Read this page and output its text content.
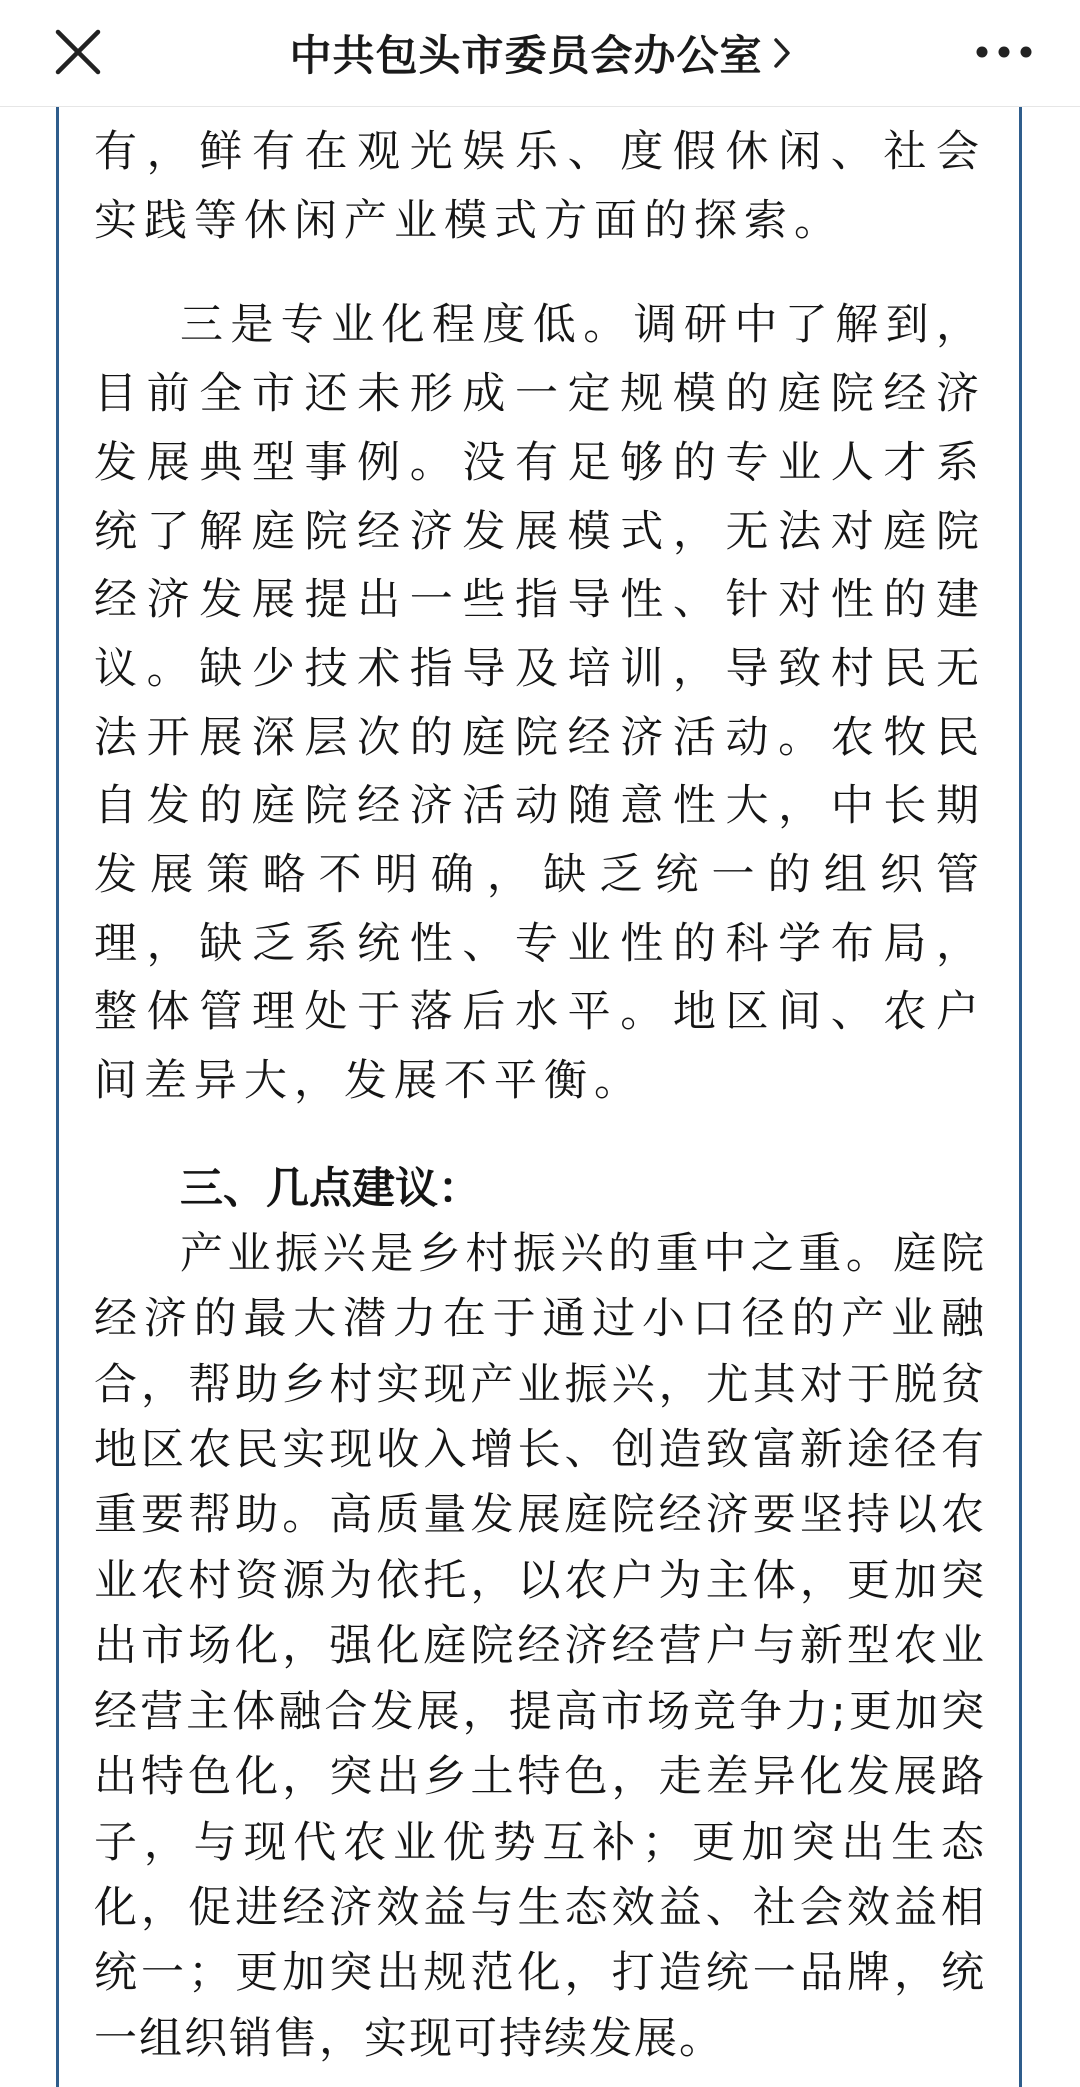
中共包头市委员会办公室

有，鲜有在观光娱乐、度假休闲、社会实践等休闲产业模式方面的探索。

三是专业化程度低。调研中了解到，目前全市还未形成一定规模的庭院经济发展典型事例。没有足够的专业人才系统了解庭院经济发展模式，无法对庭院经济发展提出一些指导性、针对性的建议。缺少技术指导及培训，导致村民无法开展深层次的庭院经济活动。农牧民自发的庭院经济活动随意性大，中长期发展策略不明确，缺乏统一的组织管理，缺乏系统性、专业性的科学布局，整体管理处于落后水平。地区间、农户间差异大，发展不平衡。

三、几点建议：

产业振兴是乡村振兴的重中之重。庭院经济的最大潜力在于通过小口径的产业融合，帮助乡村实现产业振兴，尤其对于脱贫地区农民实现收入增长、创造致富新途径有重要帮助。高质量发展庭院经济要坚持以农业农村资源为依托，以农户为主体，更加突出市场化，强化庭院经济经营户与新型农业经营主体融合发展，提高市场竞争力;更加突出特色化，突出乡土特色，走差异化发展路子，与现代农业优势互补；更加突出生态化，促进经济效益与生态效益、社会效益相统一；更加突出规范化，打造统一品牌，统一组织销售，实现可持续发展。
